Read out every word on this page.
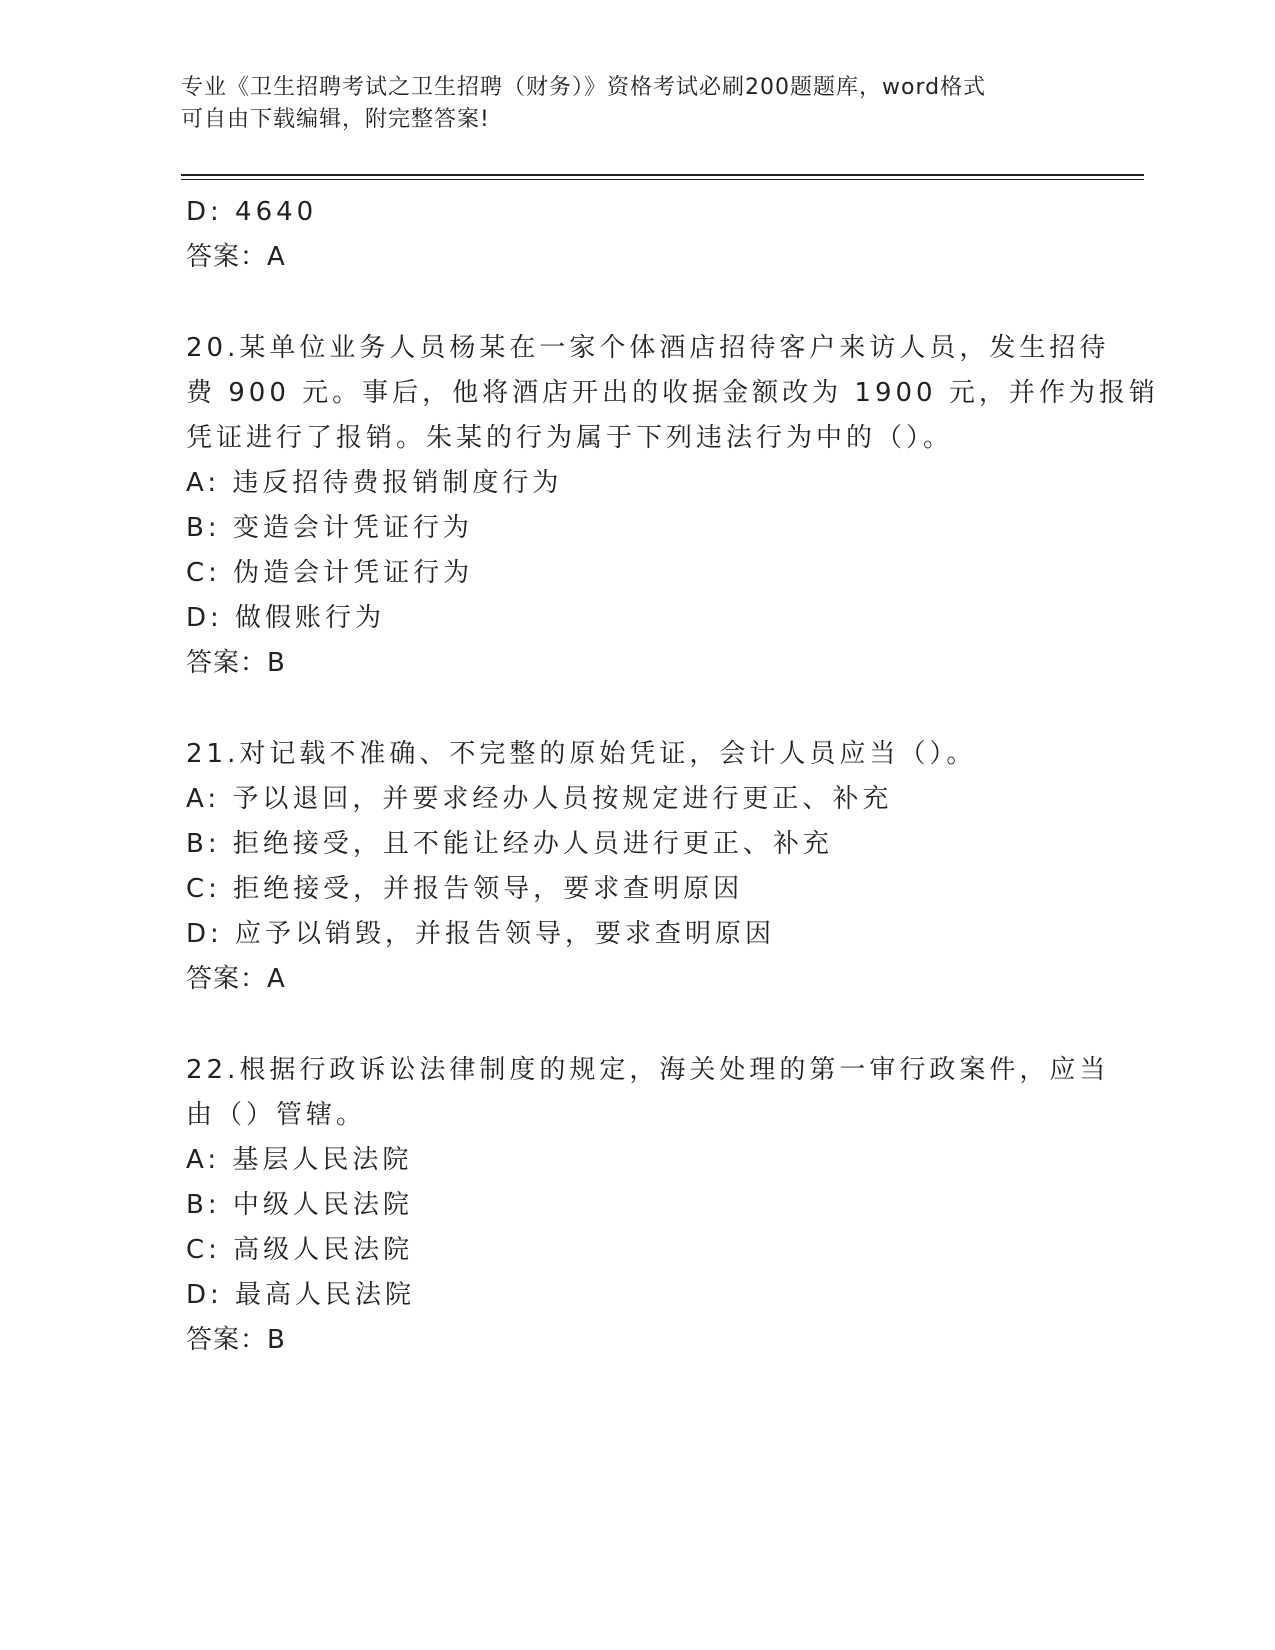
专业《卫生招聘考试之卫生招聘（财务）》资格考试必刷200题题库，word格式
可自由下载编辑，附完整答案!
D: 4640
答案：A
20.某单位业务人员杨某在一家个体酒店招待客户来访人员，发生招待
费 900 元。事后，他将酒店开出的收据金额改为 1900 元，并作为报销
凭证进行了报销。朱某的行为属于下列违法行为中的（）。
A: 违反招待费报销制度行为
B: 变造会计凭证行为
C: 伪造会计凭证行为
D: 做假账行为
答案：B
21.对记载不准确、不完整的原始凭证，会计人员应当（）。
A: 予以退回，并要求经办人员按规定进行更正、补充
B: 拒绝接受，且不能让经办人员进行更正、补充
C: 拒绝接受，并报告领导，要求查明原因
D: 应予以销毁，并报告领导，要求查明原因
答案：A
22.根据行政诉讼法律制度的规定，海关处理的第一审行政案件，应当
由（）管辖。
A: 基层人民法院
B: 中级人民法院
C: 高级人民法院
D: 最高人民法院
答案：B
